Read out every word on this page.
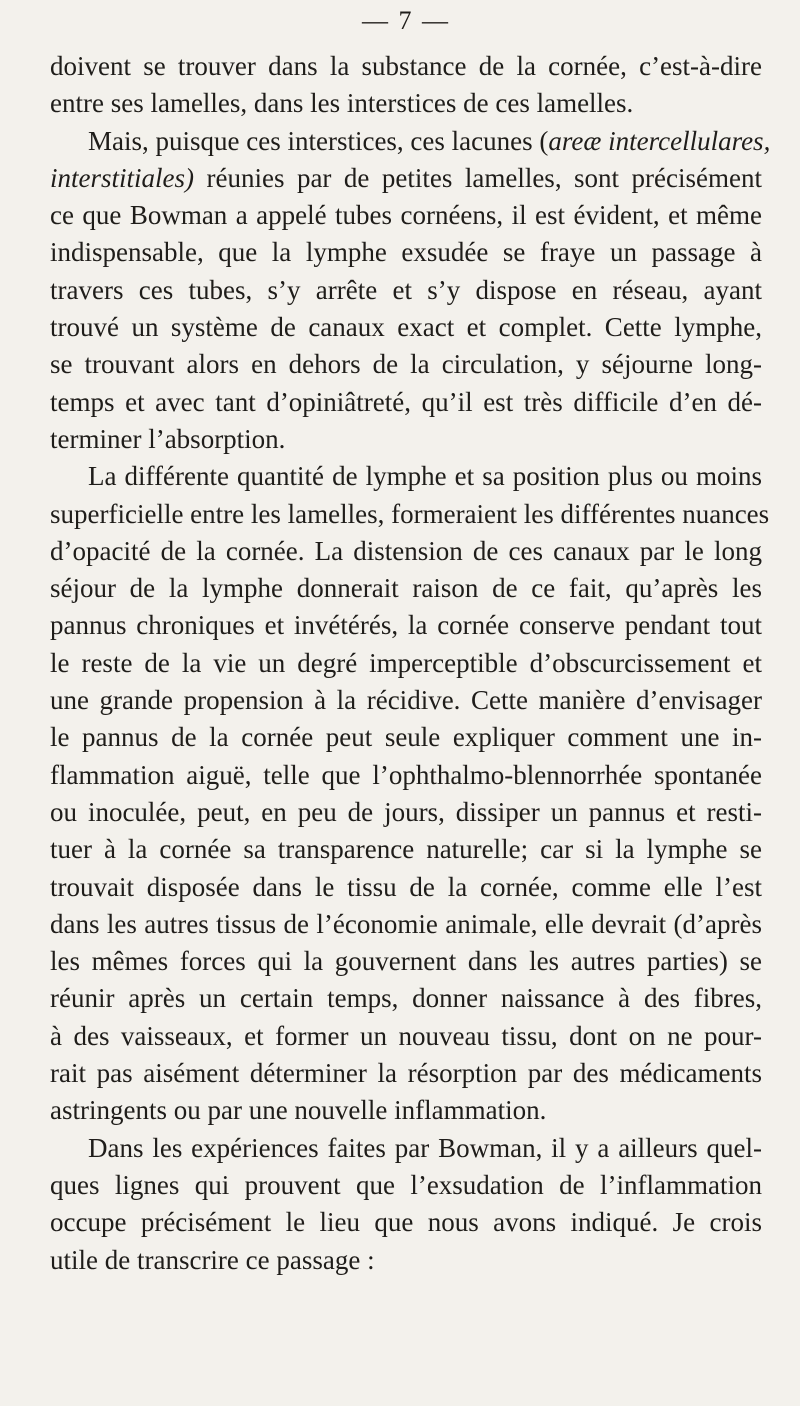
— 7 —
doivent se trouver dans la substance de la cornée, c’est-à-dire
entre ses lamelles, dans les interstices de ces lamelles.
Mais, puisque ces interstices, ces lacunes (areæ intercellulares,
interstitiales) réunies par de petites lamelles, sont précisément
ce que Bowman a appelé tubes cornéens, il est évident, et même
indispensable, que la lymphe exsudée se fraye un passage à
travers ces tubes, s’y arrête et s’y dispose en réseau, ayant
trouvé un système de canaux exact et complet. Cette lymphe,
se trouvant alors en dehors de la circulation, y séjourne long-
temps et avec tant d’opiniâtreté, qu’il est très difficile d’en dé-
terminer l’absorption.
La différente quantité de lymphe et sa position plus ou moins
superficielle entre les lamelles, formeraient les différentes nuances
d’opacité de la cornée. La distension de ces canaux par le long
séjour de la lymphe donnerait raison de ce fait, qu’après les
pannus chroniques et invétérés, la cornée conserve pendant tout
le reste de la vie un degré imperceptible d’obscurcissement et
une grande propension à la récidive. Cette manière d’envisager
le pannus de la cornée peut seule expliquer comment une in-
flammation aiguë, telle que l’ophthalmo-blennorrhée spontanée
ou inoculée, peut, en peu de jours, dissiper un pannus et resti-
tuer à la cornée sa transparence naturelle; car si la lymphe se
trouvait disposée dans le tissu de la cornée, comme elle l’est
dans les autres tissus de l’économie animale, elle devrait (d’après
les mêmes forces qui la gouvernent dans les autres parties) se
réunir après un certain temps, donner naissance à des fibres,
à des vaisseaux, et former un nouveau tissu, dont on ne pour-
rait pas aisément déterminer la résorption par des médicaments
astringents ou par une nouvelle inflammation.
Dans les expériences faites par Bowman, il y a ailleurs quel-
ques lignes qui prouvent que l’exsudation de l’inflammation
occupe précisément le lieu que nous avons indiqué. Je crois
utile de transcrire ce passage :
